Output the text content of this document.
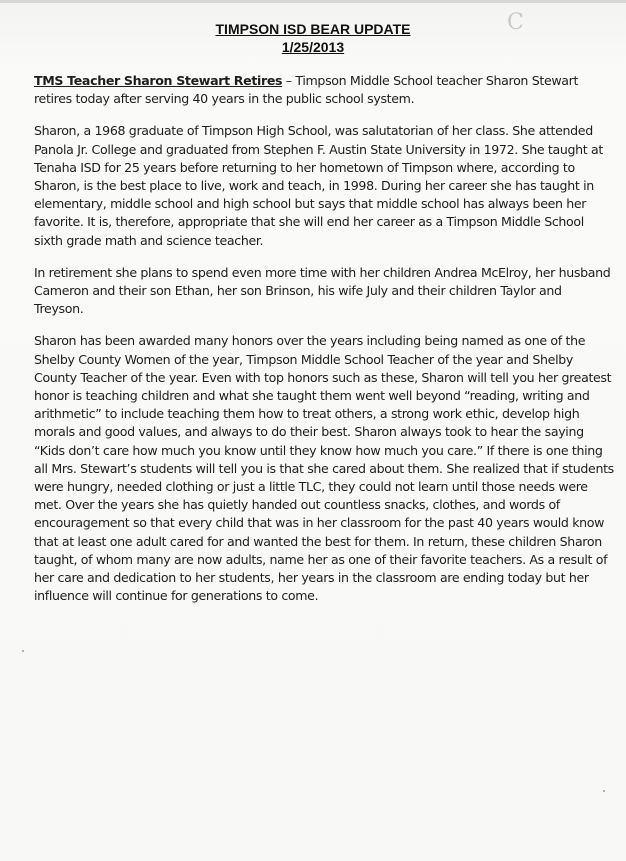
C

TIMPSON ISD BEAR UPDATE

1/25/2013

TMS Teacher Sharon Stewart Retires – Timpson Middle School teacher Sharon Stewart retires today after serving 40 years in the public school system.

Sharon, a 1968 graduate of Timpson High School, was salutatorian of her class. She attended Panola Jr. College and graduated from Stephen F. Austin State University in 1972. She taught at Tenaha ISD for 25 years before returning to her hometown of Timpson where, according to Sharon, is the best place to live, work and teach, in 1998. During her career she has taught in elementary, middle school and high school but says that middle school has always been her favorite. It is, therefore, appropriate that she will end her career as a Timpson Middle School sixth grade math and science teacher.

In retirement she plans to spend even more time with her children Andrea McElroy, her husband Cameron and their son Ethan, her son Brinson, his wife July and their children Taylor and Treyson.

Sharon has been awarded many honors over the years including being named as one of the Shelby County Women of the year, Timpson Middle School Teacher of the year and Shelby County Teacher of the year. Even with top honors such as these, Sharon will tell you her greatest honor is teaching children and what she taught them went well beyond “reading, writing and arithmetic” to include teaching them how to treat others, a strong work ethic, develop high morals and good values, and always to do their best. Sharon always took to hear the saying “Kids don’t care how much you know until they know how much you care.” If there is one thing all Mrs. Stewart’s students will tell you is that she cared about them. She realized that if students were hungry, needed clothing or just a little TLC, they could not learn until those needs were met. Over the years she has quietly handed out countless snacks, clothes, and words of encouragement so that every child that was in her classroom for the past 40 years would know that at least one adult cared for and wanted the best for them. In return, these children Sharon taught, of whom many are now adults, name her as one of their favorite teachers. As a result of her care and dedication to her students, her years in the classroom are ending today but her influence will continue for generations to come.
